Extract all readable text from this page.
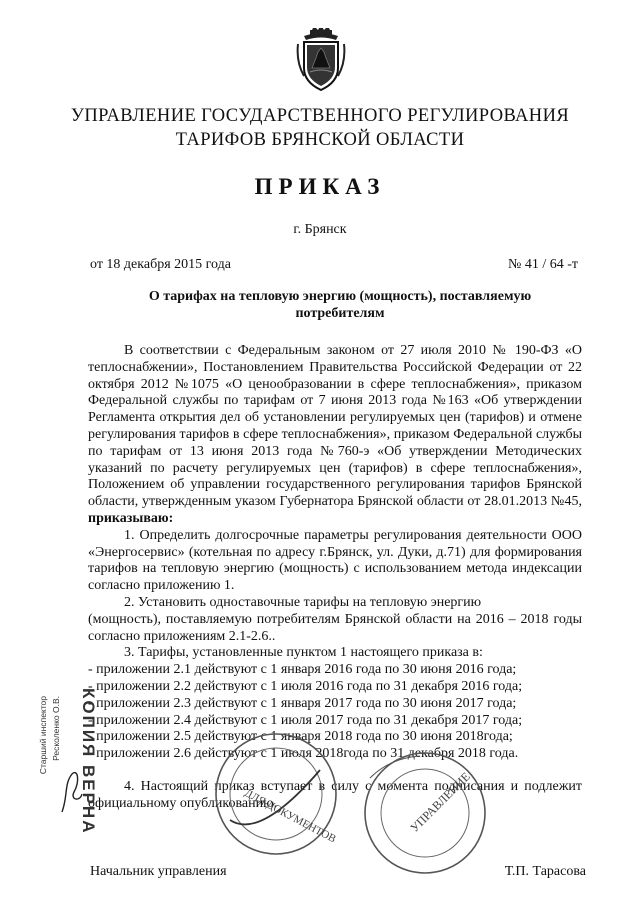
УПРАВЛЕНИЕ ГОСУДАРСТВЕННОГО РЕГУЛИРОВАНИЯ
ТАРИФОВ БРЯНСКОЙ ОБЛАСТИ
ПРИКАЗ
г. Брянск
от 18 декабря 2015 года	№ 41 / 64 -т
О тарифах на тепловую энергию (мощность), поставляемую
потребителям

В соответствии с Федеральным законом от 27 июля 2010 № 190-ФЗ «О теплоснабжении», Постановлением Правительства Российской Федерации от 22 октября 2012 №1075 «О ценообразовании в сфере теплоснабжения», приказом Федеральной службы по тарифам от 7 июня 2013 года №163 «Об утверждении Регламента открытия дел об установлении регулируемых цен (тарифов) и отмене регулирования тарифов в сфере теплоснабжения», приказом Федеральной службы по тарифам от 13 июня 2013 года №760-э «Об утверждении Методических указаний по расчету регулируемых цен (тарифов) в сфере теплоснабжения», Положением об управлении государственного регулирования тарифов Брянской области, утвержденным указом Губернатора Брянской области от 28.01.2013 №45, приказываю:

1. Определить долгосрочные параметры регулирования деятельности ООО «Энергосервис» (котельная по адресу г.Брянск, ул. Дуки, д.71) для формирования тарифов на тепловую энергию (мощность) с использованием метода индексации согласно приложению 1.

2. Установить одноставочные тарифы на тепловую энергию

(мощность), поставляемую потребителям Брянской области на 2016 – 2018 годы согласно приложениям 2.1-2.6..

3. Тарифы, установленные пунктом 1 настоящего приказа в:

- приложении 2.1 действуют с 1 января 2016 года по 30 июня 2016 года;
- приложении 2.2 действуют с 1 июля 2016 года по 31 декабря 2016 года;
- приложении 2.3 действуют с 1 января 2017 года по 30 июня 2017 года;
- приложении 2.4 действуют с 1 июля 2017 года по 31 декабря 2017 года;
- приложении 2.5 действуют с 1 января 2018 года по 30 июня 2018года;
- приложении 2.6 действуют с 1 июля 2018года по 31 декабря 2018 года.

4. Настоящий приказ вступает в силу с момента подписания и подлежит официальному опубликованию.

Начальник управления	Т.П. Тарасова
Старший инспектор Ресколенко О.В. КОПИЯ ВЕРНА	ДЛЯ ДОКУМЕНТОВ	УПРАВЛЕНИЕ
